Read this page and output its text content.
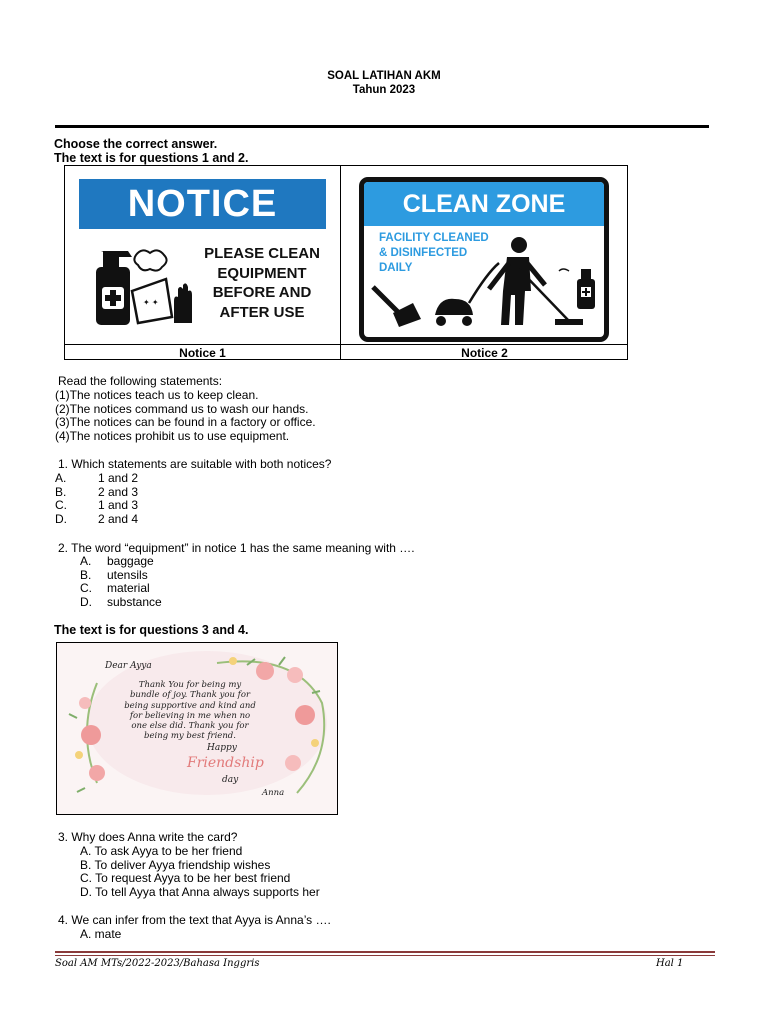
SOAL LATIHAN AKM
Tahun 2023
Choose the correct answer.
The text is for questions 1 and 2.
NOTICE
✦ ✦
PLEASE CLEAN
EQUIPMENT
BEFORE AND
AFTER USE
CLEAN ZONE
FACILITY CLEANED
& DISINFECTED
DAILY
Notice 1	Notice 2
Read the following statements:
(1)The notices teach us to keep clean.
(2)The notices command us to wash our hands.
(3)The notices can be found in a factory or office.
(4)The notices prohibit us to use equipment.
1. Which statements are suitable with both notices?
A.	1 and 2
B.	2 and 3
C.	1 and 3
D.	2 and 4
2. The word “equipment” in notice 1 has the same meaning with ….
A. baggage
B. utensils
C. material
D. substance
The text is for questions 3 and 4.
Dear Ayya
Thank You for being my
bundle of joy. Thank you for
being supportive and kind and
for believing in me when no
one else did. Thank you for
being my best friend.
Happy
Friendship
day
Anna
3. Why does Anna write the card?
A. To ask Ayya to be her friend
B. To deliver Ayya friendship wishes
C. To request Ayya to be her best friend
D. To tell Ayya that Anna always supports her
4. We can infer from the text that Ayya is Anna’s ….
A. mate
Soal AM MTs/2022-2023/Bahasa Inggris	Hal 1
